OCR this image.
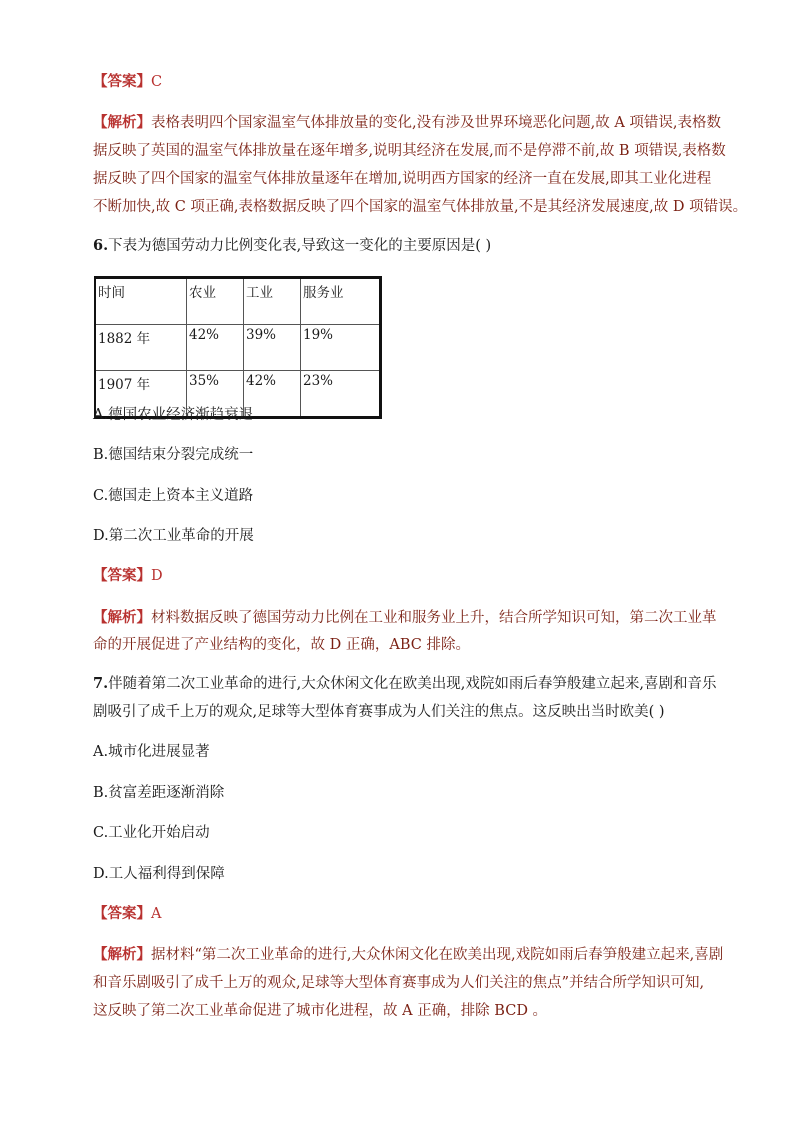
【答案】C
【解析】表格表明四个国家温室气体排放量的变化,没有涉及世界环境恶化问题,故 A 项错误,表格数
据反映了英国的温室气体排放量在逐年增多,说明其经济在发展,而不是停滞不前,故 B 项错误,表格数
据反映了四个国家的温室气体排放量逐年在增加,说明西方国家的经济一直在发展,即其工业化进程
不断加快,故 C 项正确,表格数据反映了四个国家的温室气体排放量,不是其经济发展速度,故 D 项错误。
6.下表为德国劳动力比例变化表,导致这一变化的主要原因是( )
时间	农业	工业	服务业
1882 年	42%	39%	19%
1907 年	35%	42%	23%
A.德国农业经济渐趋衰退
B.德国结束分裂完成统一
C.德国走上资本主义道路
D.第二次工业革命的开展
【答案】D
【解析】材料数据反映了德国劳动力比例在工业和服务业上升，结合所学知识可知，第二次工业革
命的开展促进了产业结构的变化，故 D 正确，ABC 排除。
7.伴随着第二次工业革命的进行,大众休闲文化在欧美出现,戏院如雨后春笋般建立起来,喜剧和音乐
剧吸引了成千上万的观众,足球等大型体育赛事成为人们关注的焦点。这反映出当时欧美( )
A.城市化进展显著
B.贫富差距逐渐消除
C.工业化开始启动
D.工人福利得到保障
【答案】A
【解析】据材料“第二次工业革命的进行,大众休闲文化在欧美出现,戏院如雨后春笋般建立起来,喜剧
和音乐剧吸引了成千上万的观众,足球等大型体育赛事成为人们关注的焦点”并结合所学知识可知,
这反映了第二次工业革命促进了城市化进程，故 A 正确，排除 BCD 。
